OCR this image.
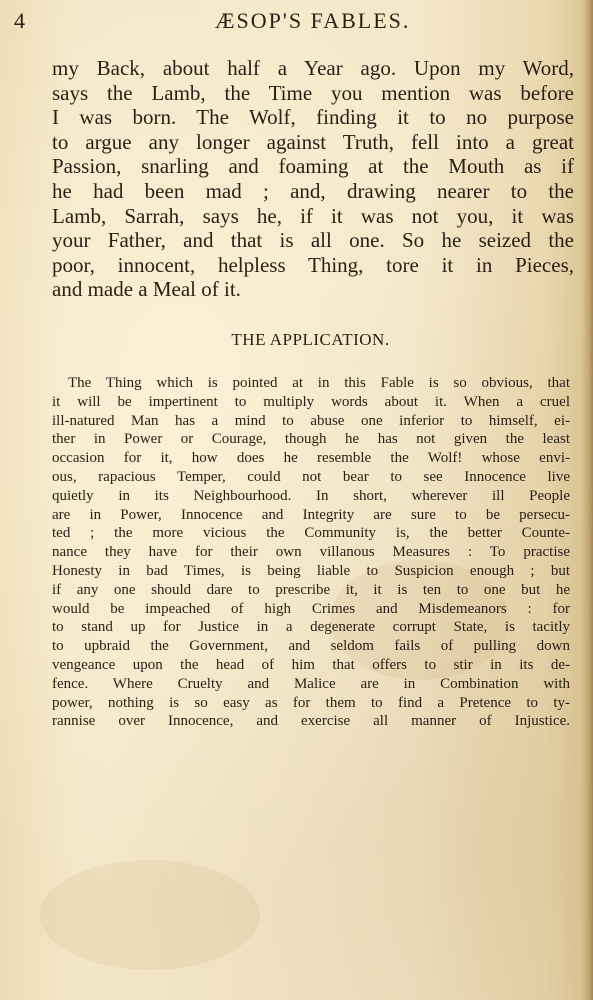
4	ÆSOP'S FABLES.
my Back, about half a Year ago. Upon my Word,
says the Lamb, the Time you mention was before
I was born. The Wolf, finding it to no purpose
to argue any longer against Truth, fell into a great
Passion, snarling and foaming at the Mouth as if
he had been mad ; and, drawing nearer to the
Lamb, Sarrah, says he, if it was not you, it was
your Father, and that is all one. So he seized the
poor, innocent, helpless Thing, tore it in Pieces,
and made a Meal of it.
THE APPLICATION.
The Thing which is pointed at in this Fable is so obvious, that
it will be impertinent to multiply words about it. When a cruel
ill-natured Man has a mind to abuse one inferior to himself, ei-
ther in Power or Courage, though he has not given the least
occasion for it, how does he resemble the Wolf! whose envi-
ous, rapacious Temper, could not bear to see Innocence live
quietly in its Neighbourhood. In short, wherever ill People
are in Power, Innocence and Integrity are sure to be persecu-
ted ; the more vicious the Community is, the better Counte-
nance they have for their own villanous Measures : To practise
Honesty in bad Times, is being liable to Suspicion enough ; but
if any one should dare to prescribe it, it is ten to one but he
would be impeached of high Crimes and Misdemeanors : for
to stand up for Justice in a degenerate corrupt State, is tacitly
to upbraid the Government, and seldom fails of pulling down
vengeance upon the head of him that offers to stir in its de-
fence. Where Cruelty and Malice are in Combination with
power, nothing is so easy as for them to find a Pretence to ty-
rannise over Innocence, and exercise all manner of Injustice.
